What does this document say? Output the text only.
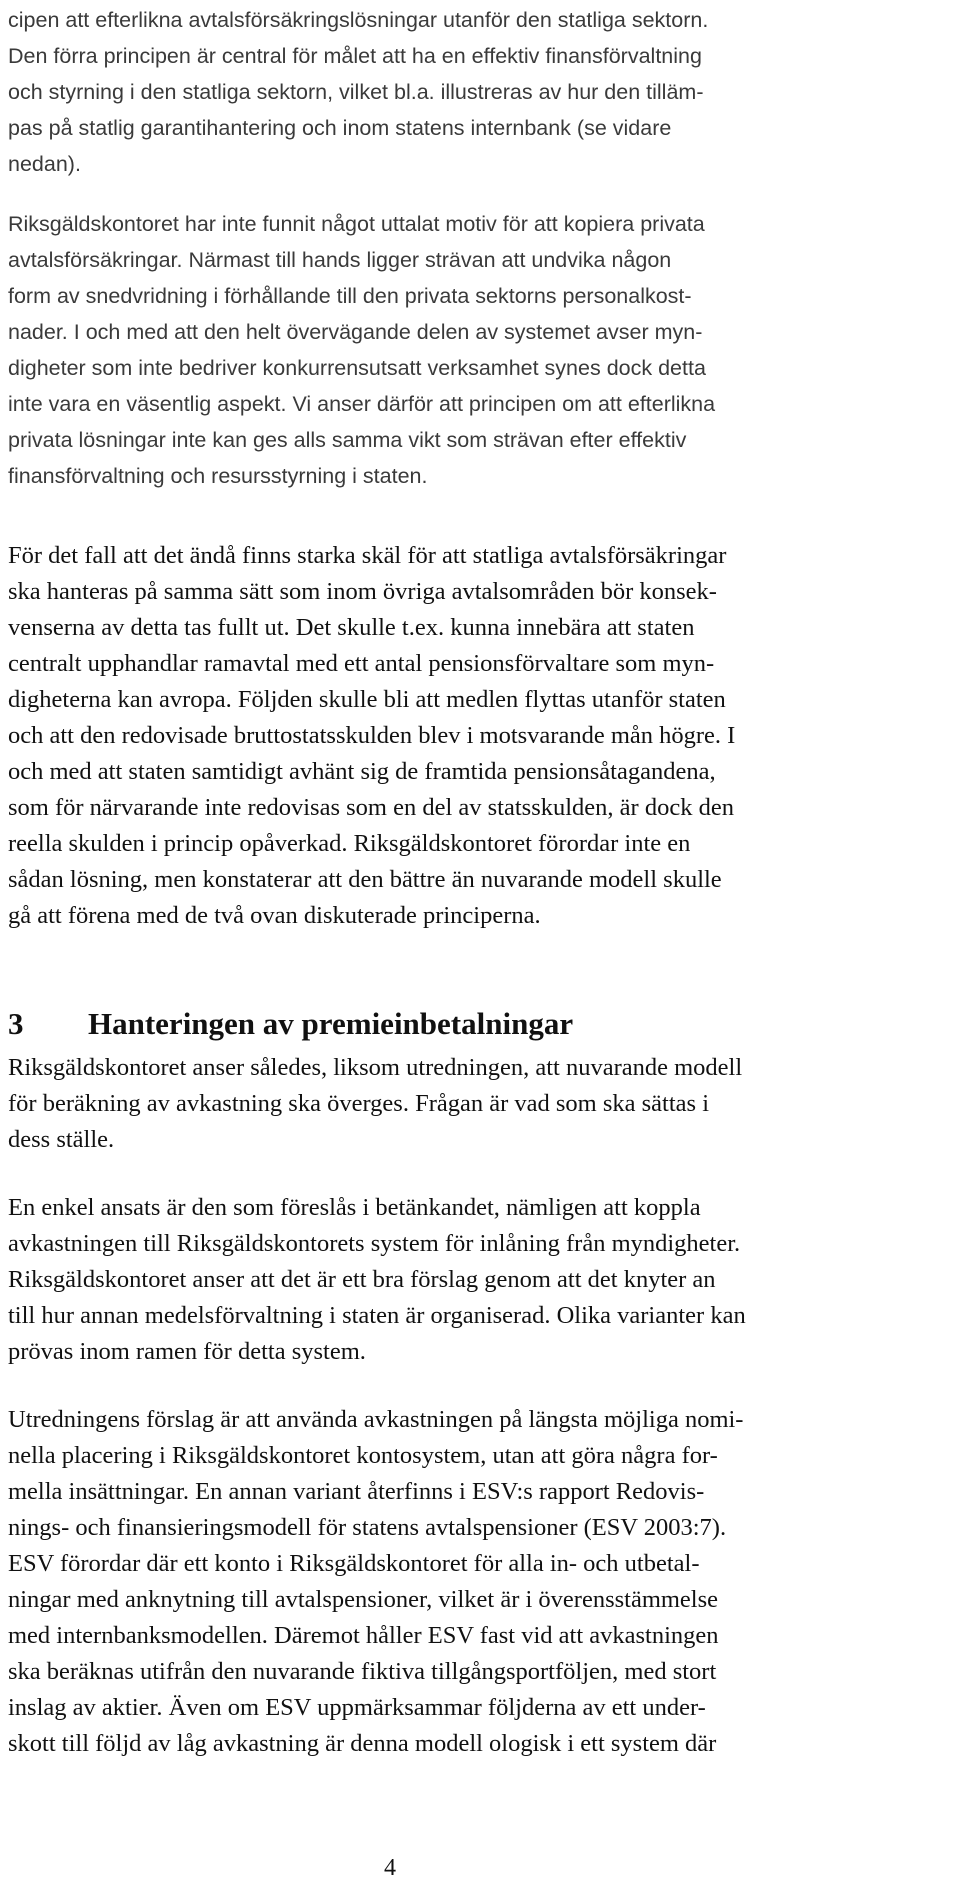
cipen att efterlikna avtalsförsäkringslösningar utanför den statliga sektorn.
Den förra principen är central för målet att ha en effektiv finansförvaltning
och styrning i den statliga sektorn, vilket bl.a. illustreras av hur den tilläm-
pas på statlig garantihantering och inom statens internbank (se vidare
nedan).
Riksgäldskontoret har inte funnit något uttalat motiv för att kopiera privata
avtalsförsäkringar. Närmast till hands ligger strävan att undvika någon
form av snedvridning i förhållande till den privata sektorns personalkost-
nader. I och med att den helt övervägande delen av systemet avser myn-
digheter som inte bedriver konkurrensutsatt verksamhet synes dock detta
inte vara en väsentlig aspekt. Vi anser därför att principen om att efterlikna
privata lösningar inte kan ges alls samma vikt som strävan efter effektiv
finansförvaltning och resursstyrning i staten.
För det fall att det ändå finns starka skäl för att statliga avtalsförsäkringar
ska hanteras på samma sätt som inom övriga avtalsområden bör konsek-
venserna av detta tas fullt ut. Det skulle t.ex. kunna innebära att staten
centralt upphandlar ramavtal med ett antal pensionsförvaltare som myn-
digheterna kan avropa. Följden skulle bli att medlen flyttas utanför staten
och att den redovisade bruttostatsskulden blev i motsvarande mån högre. I
och med att staten samtidigt avhänt sig de framtida pensionsåtagandena,
som för närvarande inte redovisas som en del av statsskulden, är dock den
reella skulden i princip opåverkad. Riksgäldskontoret förordar inte en
sådan lösning, men konstaterar att den bättre än nuvarande modell skulle
gå att förena med de två ovan diskuterade principerna.
3 Hanteringen av premieinbetalningar
Riksgäldskontoret anser således, liksom utredningen, att nuvarande modell
för beräkning av avkastning ska överges. Frågan är vad som ska sättas i
dess ställe.
En enkel ansats är den som föreslås i betänkandet, nämligen att koppla
avkastningen till Riksgäldskontorets system för inlåning från myndigheter.
Riksgäldskontoret anser att det är ett bra förslag genom att det knyter an
till hur annan medelsförvaltning i staten är organiserad. Olika varianter kan
prövas inom ramen för detta system.
Utredningens förslag är att använda avkastningen på längsta möjliga nomi-
nella placering i Riksgäldskontoret kontosystem, utan att göra några for-
mella insättningar. En annan variant återfinns i ESV:s rapport Redovis-
nings- och finansieringsmodell för statens avtalspensioner (ESV 2003:7).
ESV förordar där ett konto i Riksgäldskontoret för alla in- och utbetal-
ningar med anknytning till avtalspensioner, vilket är i överensstämmelse
med internbanksmodellen. Däremot håller ESV fast vid att avkastningen
ska beräknas utifrån den nuvarande fiktiva tillgångsportföljen, med stort
inslag av aktier. Även om ESV uppmärksammar följderna av ett under-
skott till följd av låg avkastning är denna modell ologisk i ett system där
4
